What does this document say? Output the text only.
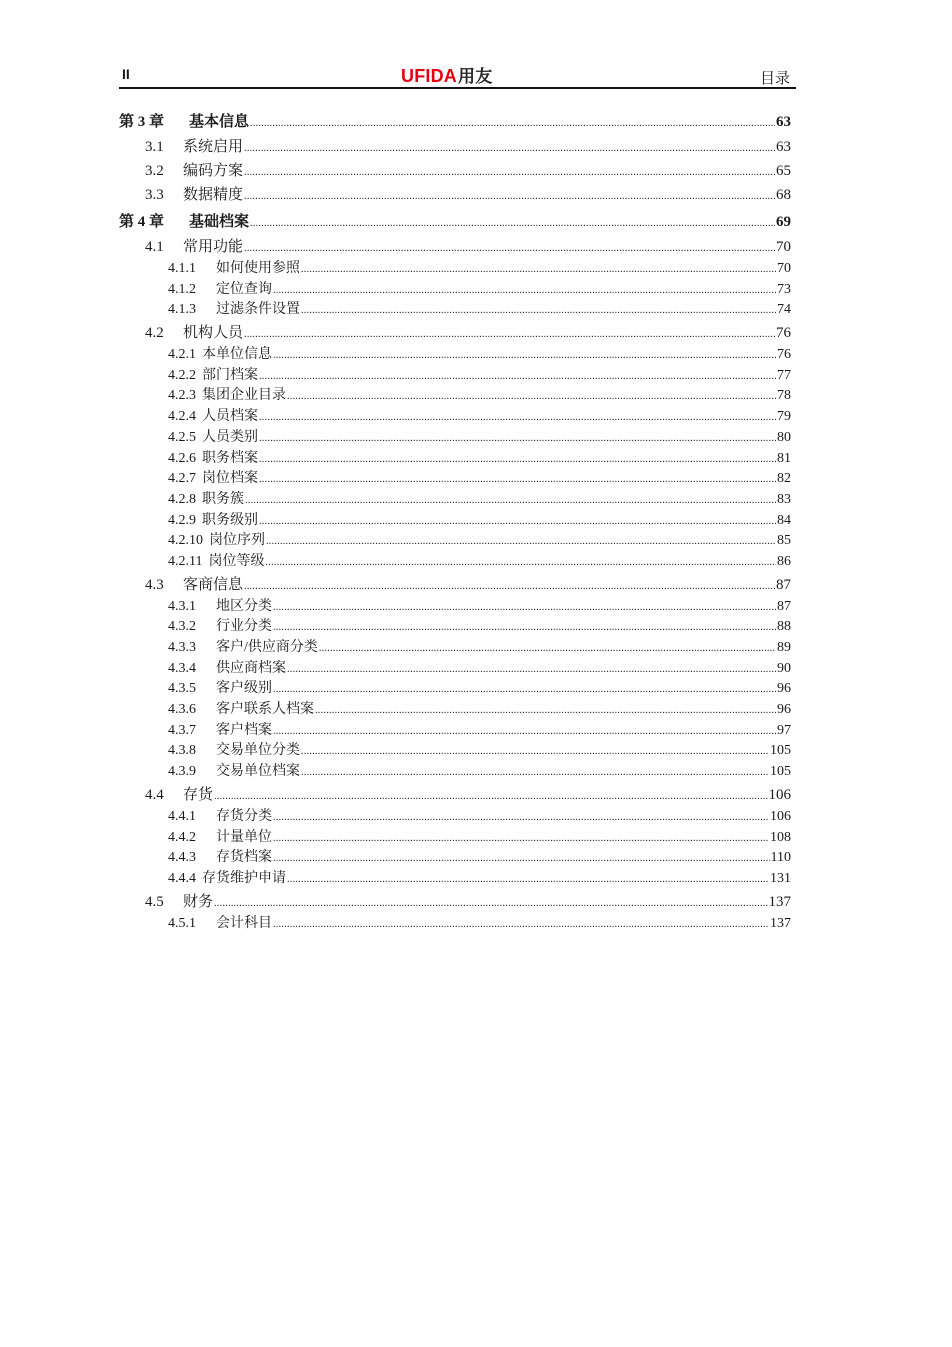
II	UFIDA用友	目录
第 3 章 基本信息 . . .	63
3.1 系统启用 . . .	63
3.2 编码方案 . . .	65
3.3 数据精度 . . .	68
第 4 章 基础档案 . . .	69
4.1 常用功能 . . .	70
4.1.1 如何使用参照 . . .	70
4.1.2 定位查询 . . .	73
4.1.3 过滤条件设置 . . .	74
4.2 机构人员 . . .	76
4.2.1 本单位信息 . . .	76
4.2.2 部门档案 . . .	77
4.2.3 集团企业目录 . . .	78
4.2.4 人员档案 . . .	79
4.2.5 人员类别 . . .	80
4.2.6 职务档案 . . .	81
4.2.7 岗位档案 . . .	82
4.2.8 职务簇 . . .	83
4.2.9 职务级别 . . .	84
4.2.10 岗位序列 . . .	85
4.2.11 岗位等级 . . .	86
4.3 客商信息 . . .	87
4.3.1 地区分类 . . .	87
4.3.2 行业分类 . . .	88
4.3.3 客户/供应商分类 . . .	89
4.3.4 供应商档案 . . .	90
4.3.5 客户级别 . . .	96
4.3.6 客户联系人档案 . . .	96
4.3.7 客户档案 . . .	97
4.3.8 交易单位分类 . . .	105
4.3.9 交易单位档案 . . .	105
4.4 存货 . . .	106
4.4.1 存货分类 . . .	106
4.4.2 计量单位 . . .	108
4.4.3 存货档案 . . .	110
4.4.4 存货维护申请 . . .	131
4.5 财务 . . .	137
4.5.1 会计科目 . . .	137
